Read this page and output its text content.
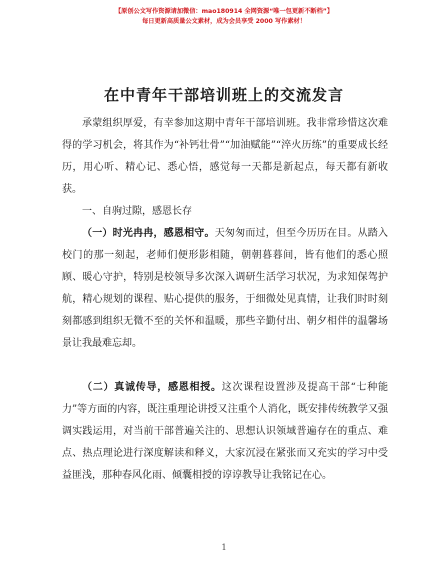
【原创公文写作资源请加微信：mao180914 全网资源“唯一包更新不断档”】
每日更新高质量公文素材，成为会员享受 2000 写作素材！
在中青年干部培训班上的交流发言

承蒙组织厚爱，有幸参加这期中青年干部培训班。我非常珍惜这次难得的学习机会，将其作为“补钙壮骨”“加油赋能”“淬火历练”的重要成长经历，用心听、精心记、悉心悟，感觉每一天都是新起点，每天都有新收获。

一、自驹过隙，感恩长存

（一）时光冉冉，感恩相守。天匆匆而过，但至今历历在目。从踏入校门的那一刻起，老师们便形影相随，朝朝暮暮间，皆有他们的悉心照顾、暖心守护，特别是校领导多次深入调研生活学习状况，为求知保驾护航，精心规划的课程、贴心提供的服务，于细微处见真情，让我们时时刻刻都感到组织无微不至的关怀和温暖，那些辛勤付出、朝夕相伴的温馨场景让我最难忘却。

（二）真诚传导，感恩相授。这次课程设置涉及提高干部“七种能力”等方面的内容，既注重理论讲授又注重个人消化，既安排传统教学又强调实践运用，对当前干部普遍关注的、思想认识领域普遍存在的重点、难点、热点理论进行深度解读和释义，大家沉浸在紧张而又充实的学习中受益匪浅，那种春风化雨、倾囊相授的谆谆教导让我铭记在心。

1
